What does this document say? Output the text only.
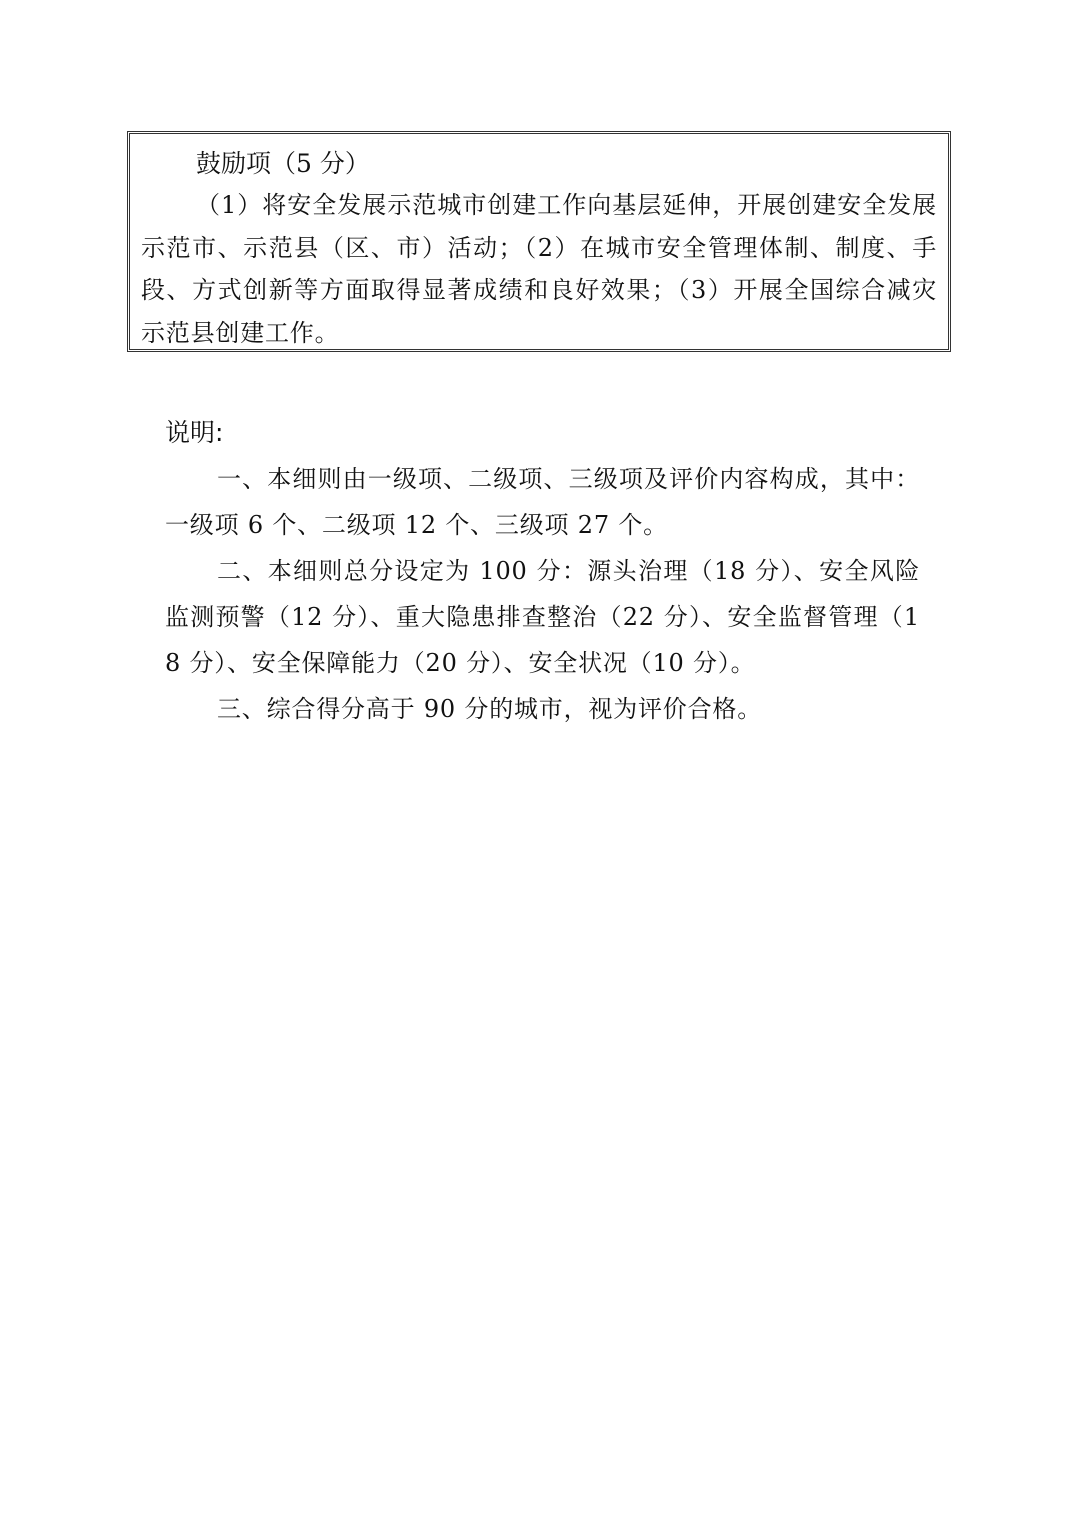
鼓励项（5 分）
（1）将安全发展示范城市创建工作向基层延伸，开展创建安全发展示范市、示范县（区、市）活动；（2）在城市安全管理体制、制度、手段、方式创新等方面取得显著成绩和良好效果；（3）开展全国综合减灾示范县创建工作。
说明:

一、本细则由一级项、二级项、三级项及评价内容构成，其中：一级项 6 个、二级项 12 个、三级项 27 个。

二、本细则总分设定为 100 分：源头治理（18 分）、安全风险监测预警（12 分）、重大隐患排查整治（22 分）、安全监督管理（18 分）、安全保障能力（20 分）、安全状况（10 分）。

三、综合得分高于 90 分的城市，视为评价合格。
